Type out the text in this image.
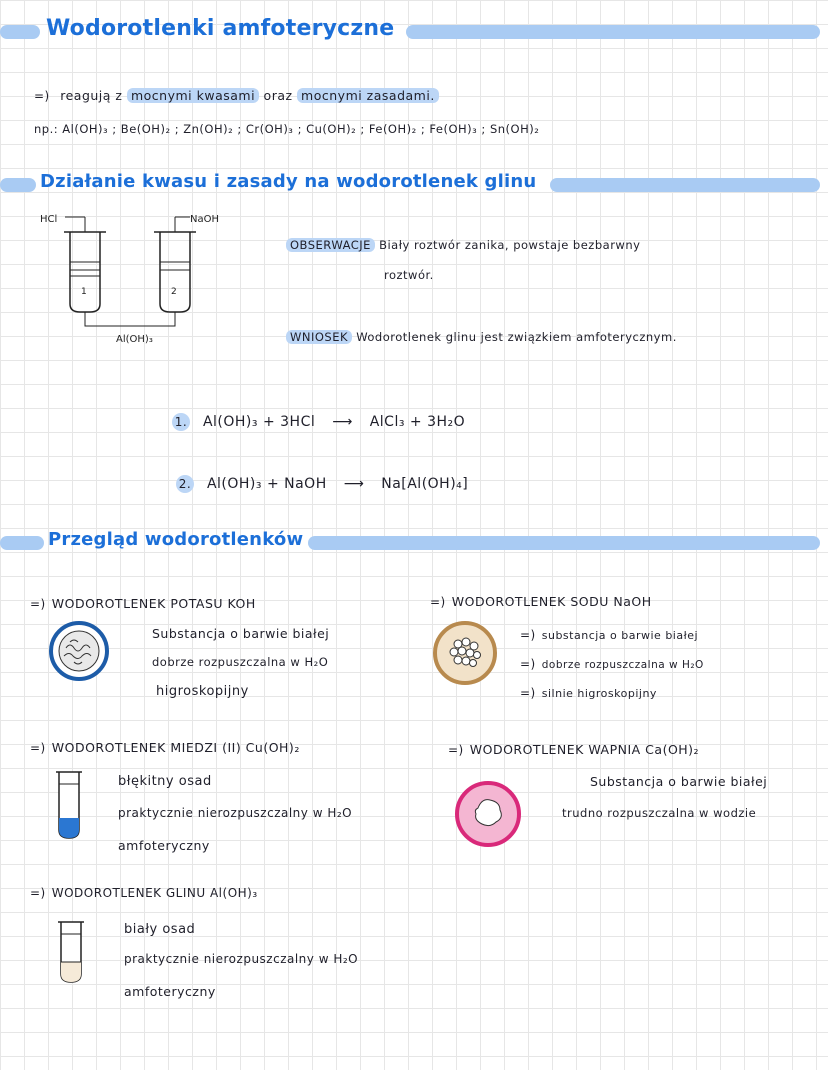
Wodorotlenki amfoteryczne
=) reagują z mocnymi kwasami oraz mocnymi zasadami.
np.: Al(OH)₃ ; Be(OH)₂ ; Zn(OH)₂ ; Cr(OH)₃ ; Cu(OH)₂ ; Fe(OH)₂ ; Fe(OH)₃ ; Sn(OH)₂
Działanie kwasu i zasady na wodorotlenek glinu
HCl	NaOH
1	2
Al(OH)₃
OBSERWACJE Biały roztwór zanika, powstaje bezbarwny
roztwór.
WNIOSEK Wodorotlenek glinu jest związkiem amfoterycznym.
1. Al(OH)₃ + 3HCl ⟶ AlCl₃ + 3H₂O
2. Al(OH)₃ + NaOH ⟶ Na[Al(OH)₄]
Przegląd wodorotlenków
=) WODOROTLENEK POTASU KOH
Substancja o barwie białej
dobrze rozpuszczalna w H₂O
higroskopijny
=) WODOROTLENEK SODU NaOH
=) substancja o barwie białej
=) dobrze rozpuszczalna w H₂O
=) silnie higroskopijny
=) WODOROTLENEK MIEDZI (II) Cu(OH)₂
błękitny osad
praktycznie nierozpuszczalny w H₂O
amfoteryczny
=) WODOROTLENEK WAPNIA Ca(OH)₂
Substancja o barwie białej
trudno rozpuszczalna w wodzie
=) WODOROTLENEK GLINU Al(OH)₃
biały osad
praktycznie nierozpuszczalny w H₂O
amfoteryczny
